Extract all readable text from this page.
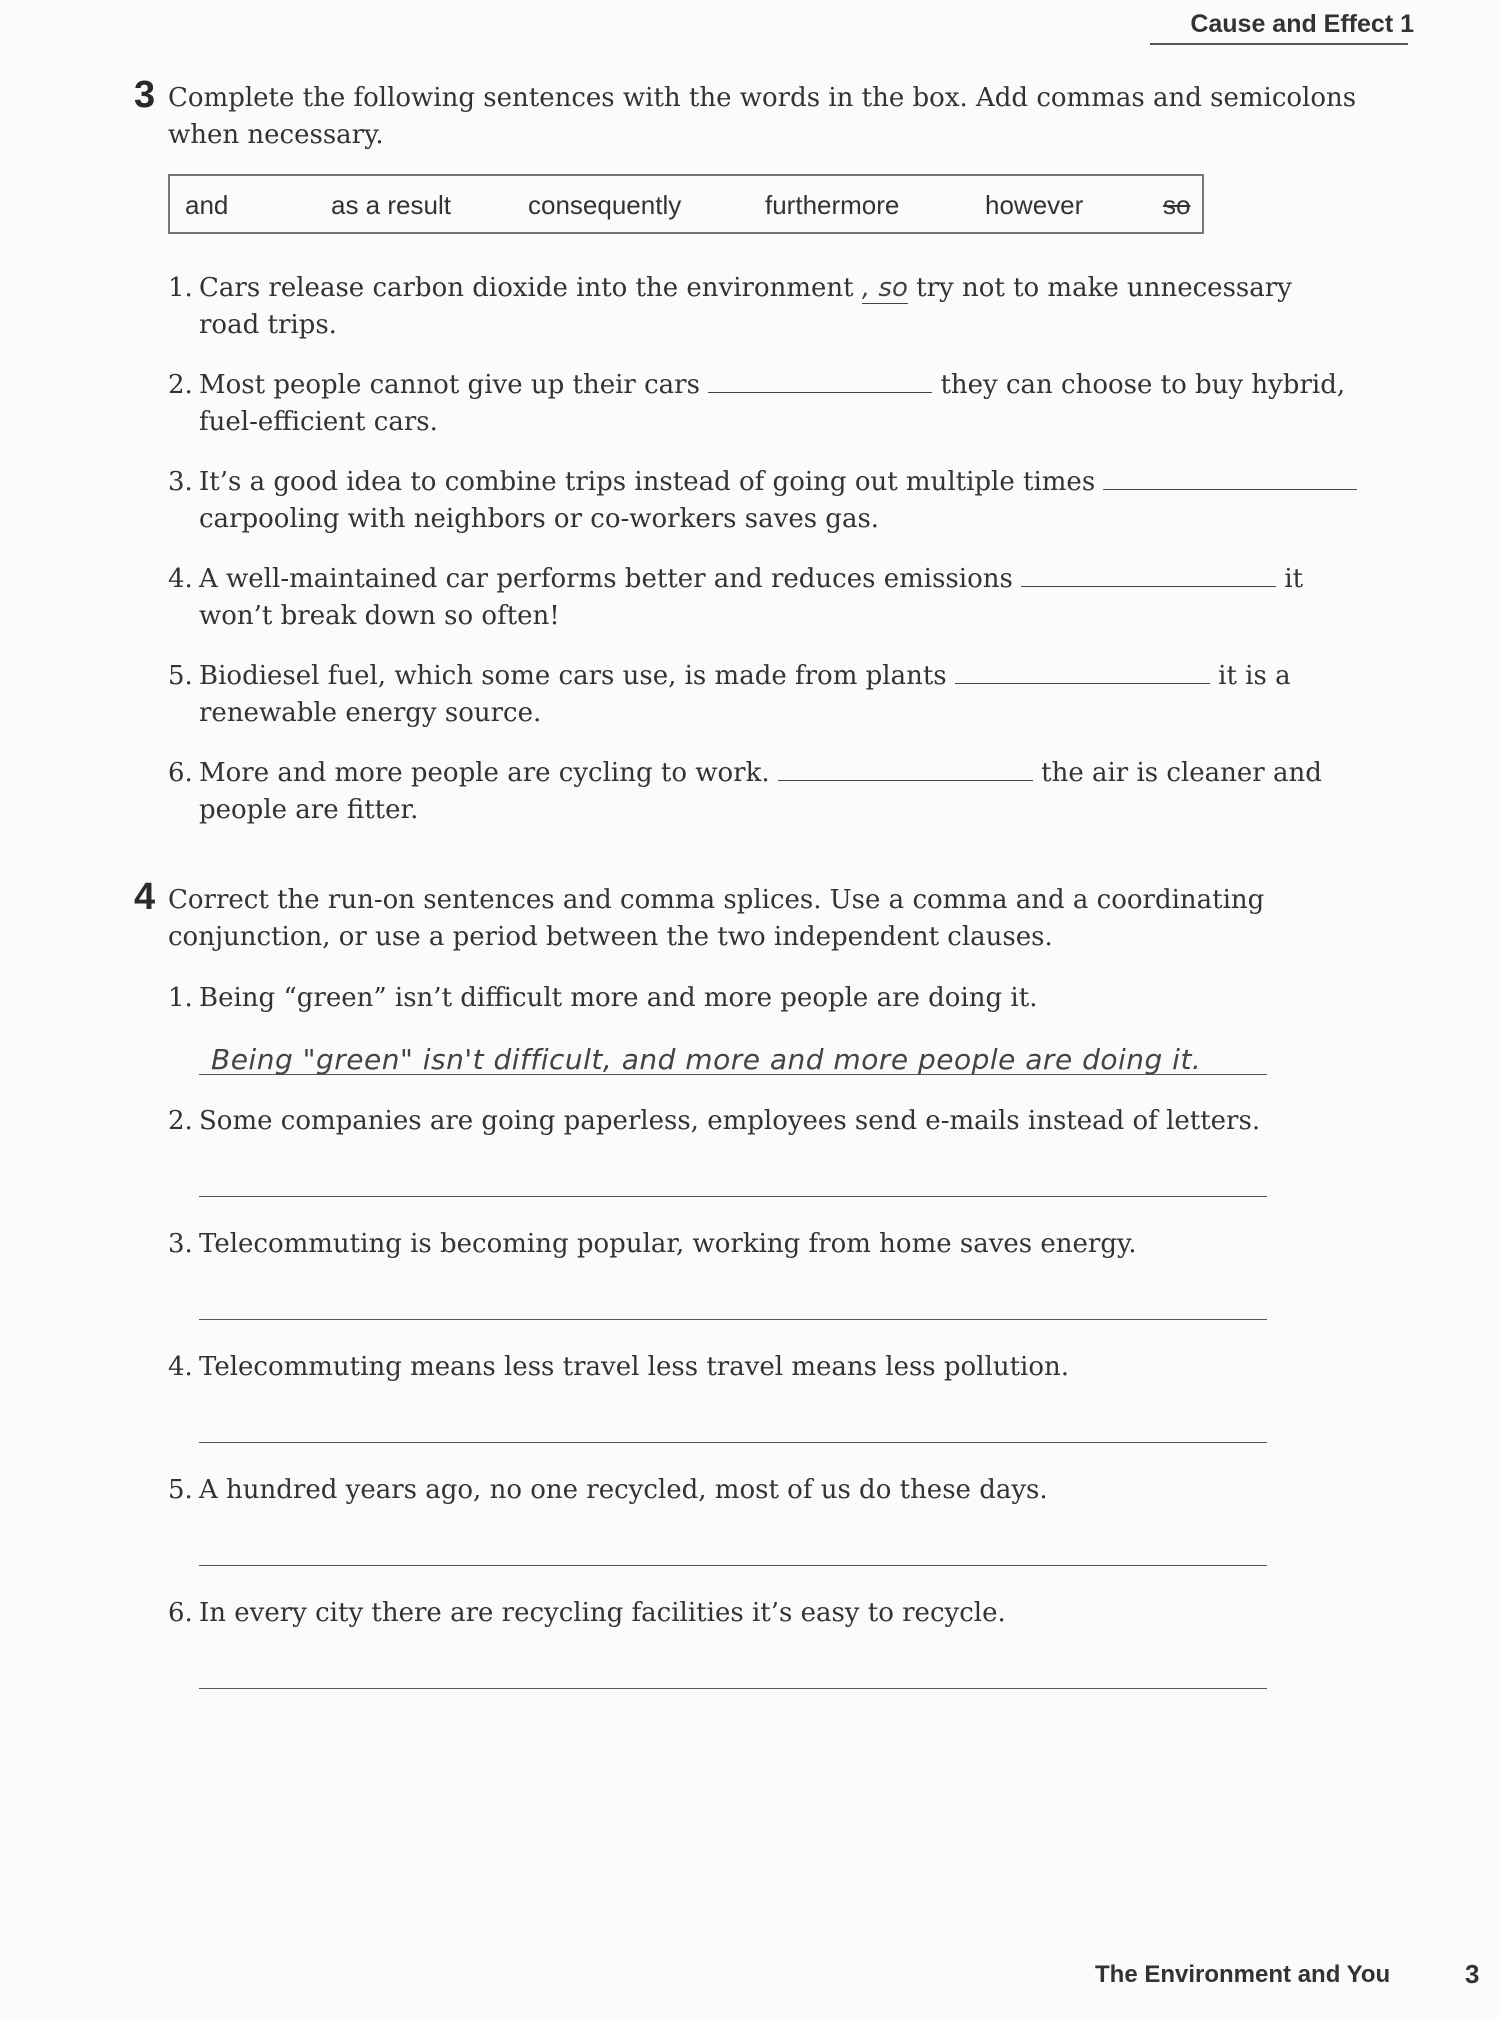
Cause and Effect 1
3 Complete the following sentences with the words in the box. Add commas and semicolons
when necessary.
and	as a result	consequently	furthermore	however	so
1. Cars release carbon dioxide into the environment , so try not to make unnecessary
road trips.
2. Most people cannot give up their cars	they can choose to buy hybrid,
fuel-efficient cars.
3. It’s a good idea to combine trips instead of going out multiple times
carpooling with neighbors or co-workers saves gas.
4. A well-maintained car performs better and reduces emissions	it
won’t break down so often!
5. Biodiesel fuel, which some cars use, is made from plants	it is a
renewable energy source.
6. More and more people are cycling to work.	the air is cleaner and
people are fitter.
4 Correct the run-on sentences and comma splices. Use a comma and a coordinating
conjunction, or use a period between the two independent clauses.
1. Being “green” isn’t difficult more and more people are doing it.
Being "green" isn't difficult, and more and more people are doing it.
2. Some companies are going paperless, employees send e-mails instead of letters.
3. Telecommuting is becoming popular, working from home saves energy.
4. Telecommuting means less travel less travel means less pollution.
5. A hundred years ago, no one recycled, most of us do these days.
6. In every city there are recycling facilities it’s easy to recycle.
The Environment and You	3
